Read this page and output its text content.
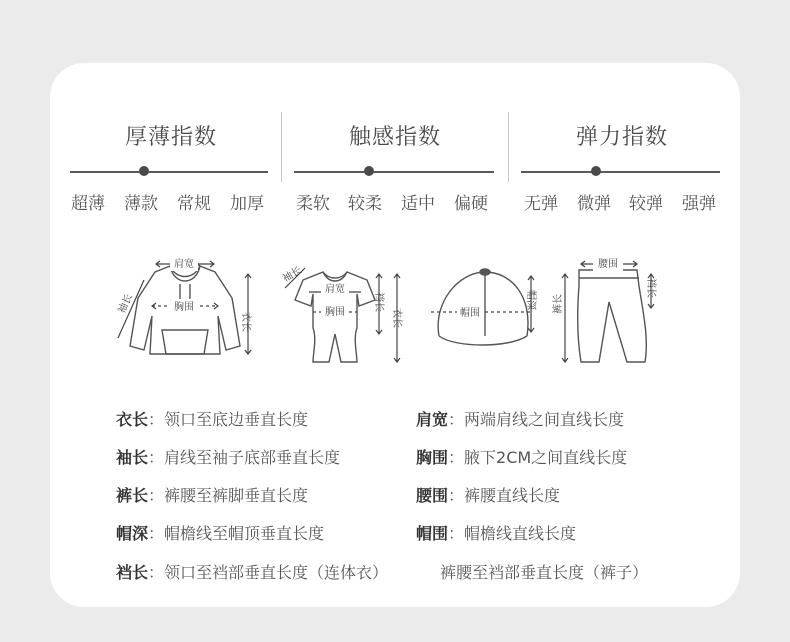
厚薄指数
超薄 薄款 常规 加厚
触感指数
柔软 较柔 适中 偏硬
弹力指数
无弹 微弹 较弹 强弹
肩宽
胸围
袖长
衣长
袖长
肩宽
胸围
裆长
衣长	帽围
帽深
腰围
裤长
裆长
衣长：领口至底边垂直长度	肩宽：两端肩线之间直线长度
袖长：肩线至袖子底部垂直长度	胸围：腋下2CM之间直线长度
裤长：裤腰至裤脚垂直长度	腰围：裤腰直线长度
帽深：帽檐线至帽顶垂直长度	帽围：帽檐线直线长度
裆长：领口至裆部垂直长度（连体衣）	裤腰至裆部垂直长度（裤子）
